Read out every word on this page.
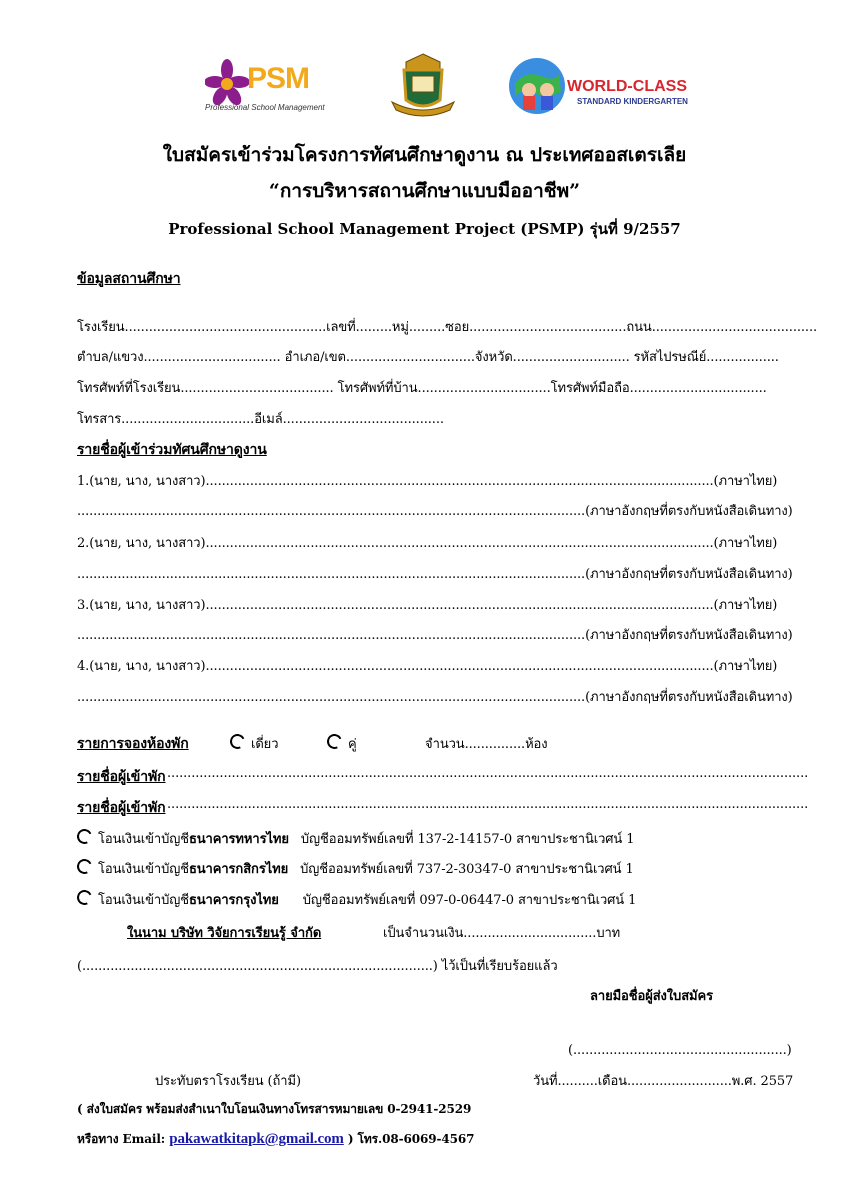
PSM
Professional School Management
WORLD-CLASS
STANDARD KINDERGARTEN
ใบสมัครเข้าร่วมโครงการทัศนศึกษาดูงาน ณ ประเทศออสเตรเลีย
“การบริหารสถานศึกษาแบบมืออาชีพ”
Professional School Management Project (PSMP) รุ่นที่ 9/2557
ข้อมูลสถานศึกษา
โรงเรียน..................................................เลขที่.........หมู่.........ซอย.......................................ถนน.........................................
ตำบล/แขวง.................................. อำเภอ/เขต................................จังหวัด............................. รหัสไปรษณีย์..................
โทรศัพท์ที่โรงเรียน...................................... โทรศัพท์ที่บ้าน.................................โทรศัพท์มือถือ..................................
โทรสาร.................................อีเมล์........................................
รายชื่อผู้เข้าร่วมทัศนศึกษาดูงาน
1.(นาย, นาง, นางสาว)..............................................................................................................................(ภาษาไทย)
..............................................................................................................................(ภาษาอังกฤษที่ตรงกับหนังสือเดินทาง)
2.(นาย, นาง, นางสาว)..............................................................................................................................(ภาษาไทย)
..............................................................................................................................(ภาษาอังกฤษที่ตรงกับหนังสือเดินทาง)
3.(นาย, นาง, นางสาว)..............................................................................................................................(ภาษาไทย)
..............................................................................................................................(ภาษาอังกฤษที่ตรงกับหนังสือเดินทาง)
4.(นาย, นาง, นางสาว)..............................................................................................................................(ภาษาไทย)
..............................................................................................................................(ภาษาอังกฤษที่ตรงกับหนังสือเดินทาง)
รายการจองห้องพัก	เดี่ยว	คู่	จำนวน...............ห้อง
รายชื่อผู้เข้าพัก ...............................................................................................................................................................
รายชื่อผู้เข้าพัก ...............................................................................................................................................................
โอนเงินเข้าบัญชีธนาคารทหารไทย บัญชีออมทรัพย์เลขที่ 137-2-14157-0 สาขาประชานิเวศน์ 1
โอนเงินเข้าบัญชีธนาคารกสิกรไทย บัญชีออมทรัพย์เลขที่ 737-2-30347-0 สาขาประชานิเวศน์ 1
โอนเงินเข้าบัญชีธนาคารกรุงไทย บัญชีออมทรัพย์เลขที่ 097-0-06447-0 สาขาประชานิเวศน์ 1
ในนาม บริษัท วิจัยการเรียนรู้ จำกัด	เป็นจำนวนเงิน.................................บาท
(.......................................................................................) ไว้เป็นที่เรียบร้อยแล้ว
ลายมือชื่อผู้ส่งใบสมัคร
(.....................................................)
ประทับตราโรงเรียน (ถ้ามี)	วันที่..........เดือน..........................พ.ศ. 2557
( ส่งใบสมัคร พร้อมส่งสำเนาใบโอนเงินทางโทรสารหมายเลข 0-2941-2529
หรือทาง Email: pakawatkitapk@gmail.com ) โทร.08-6069-4567
